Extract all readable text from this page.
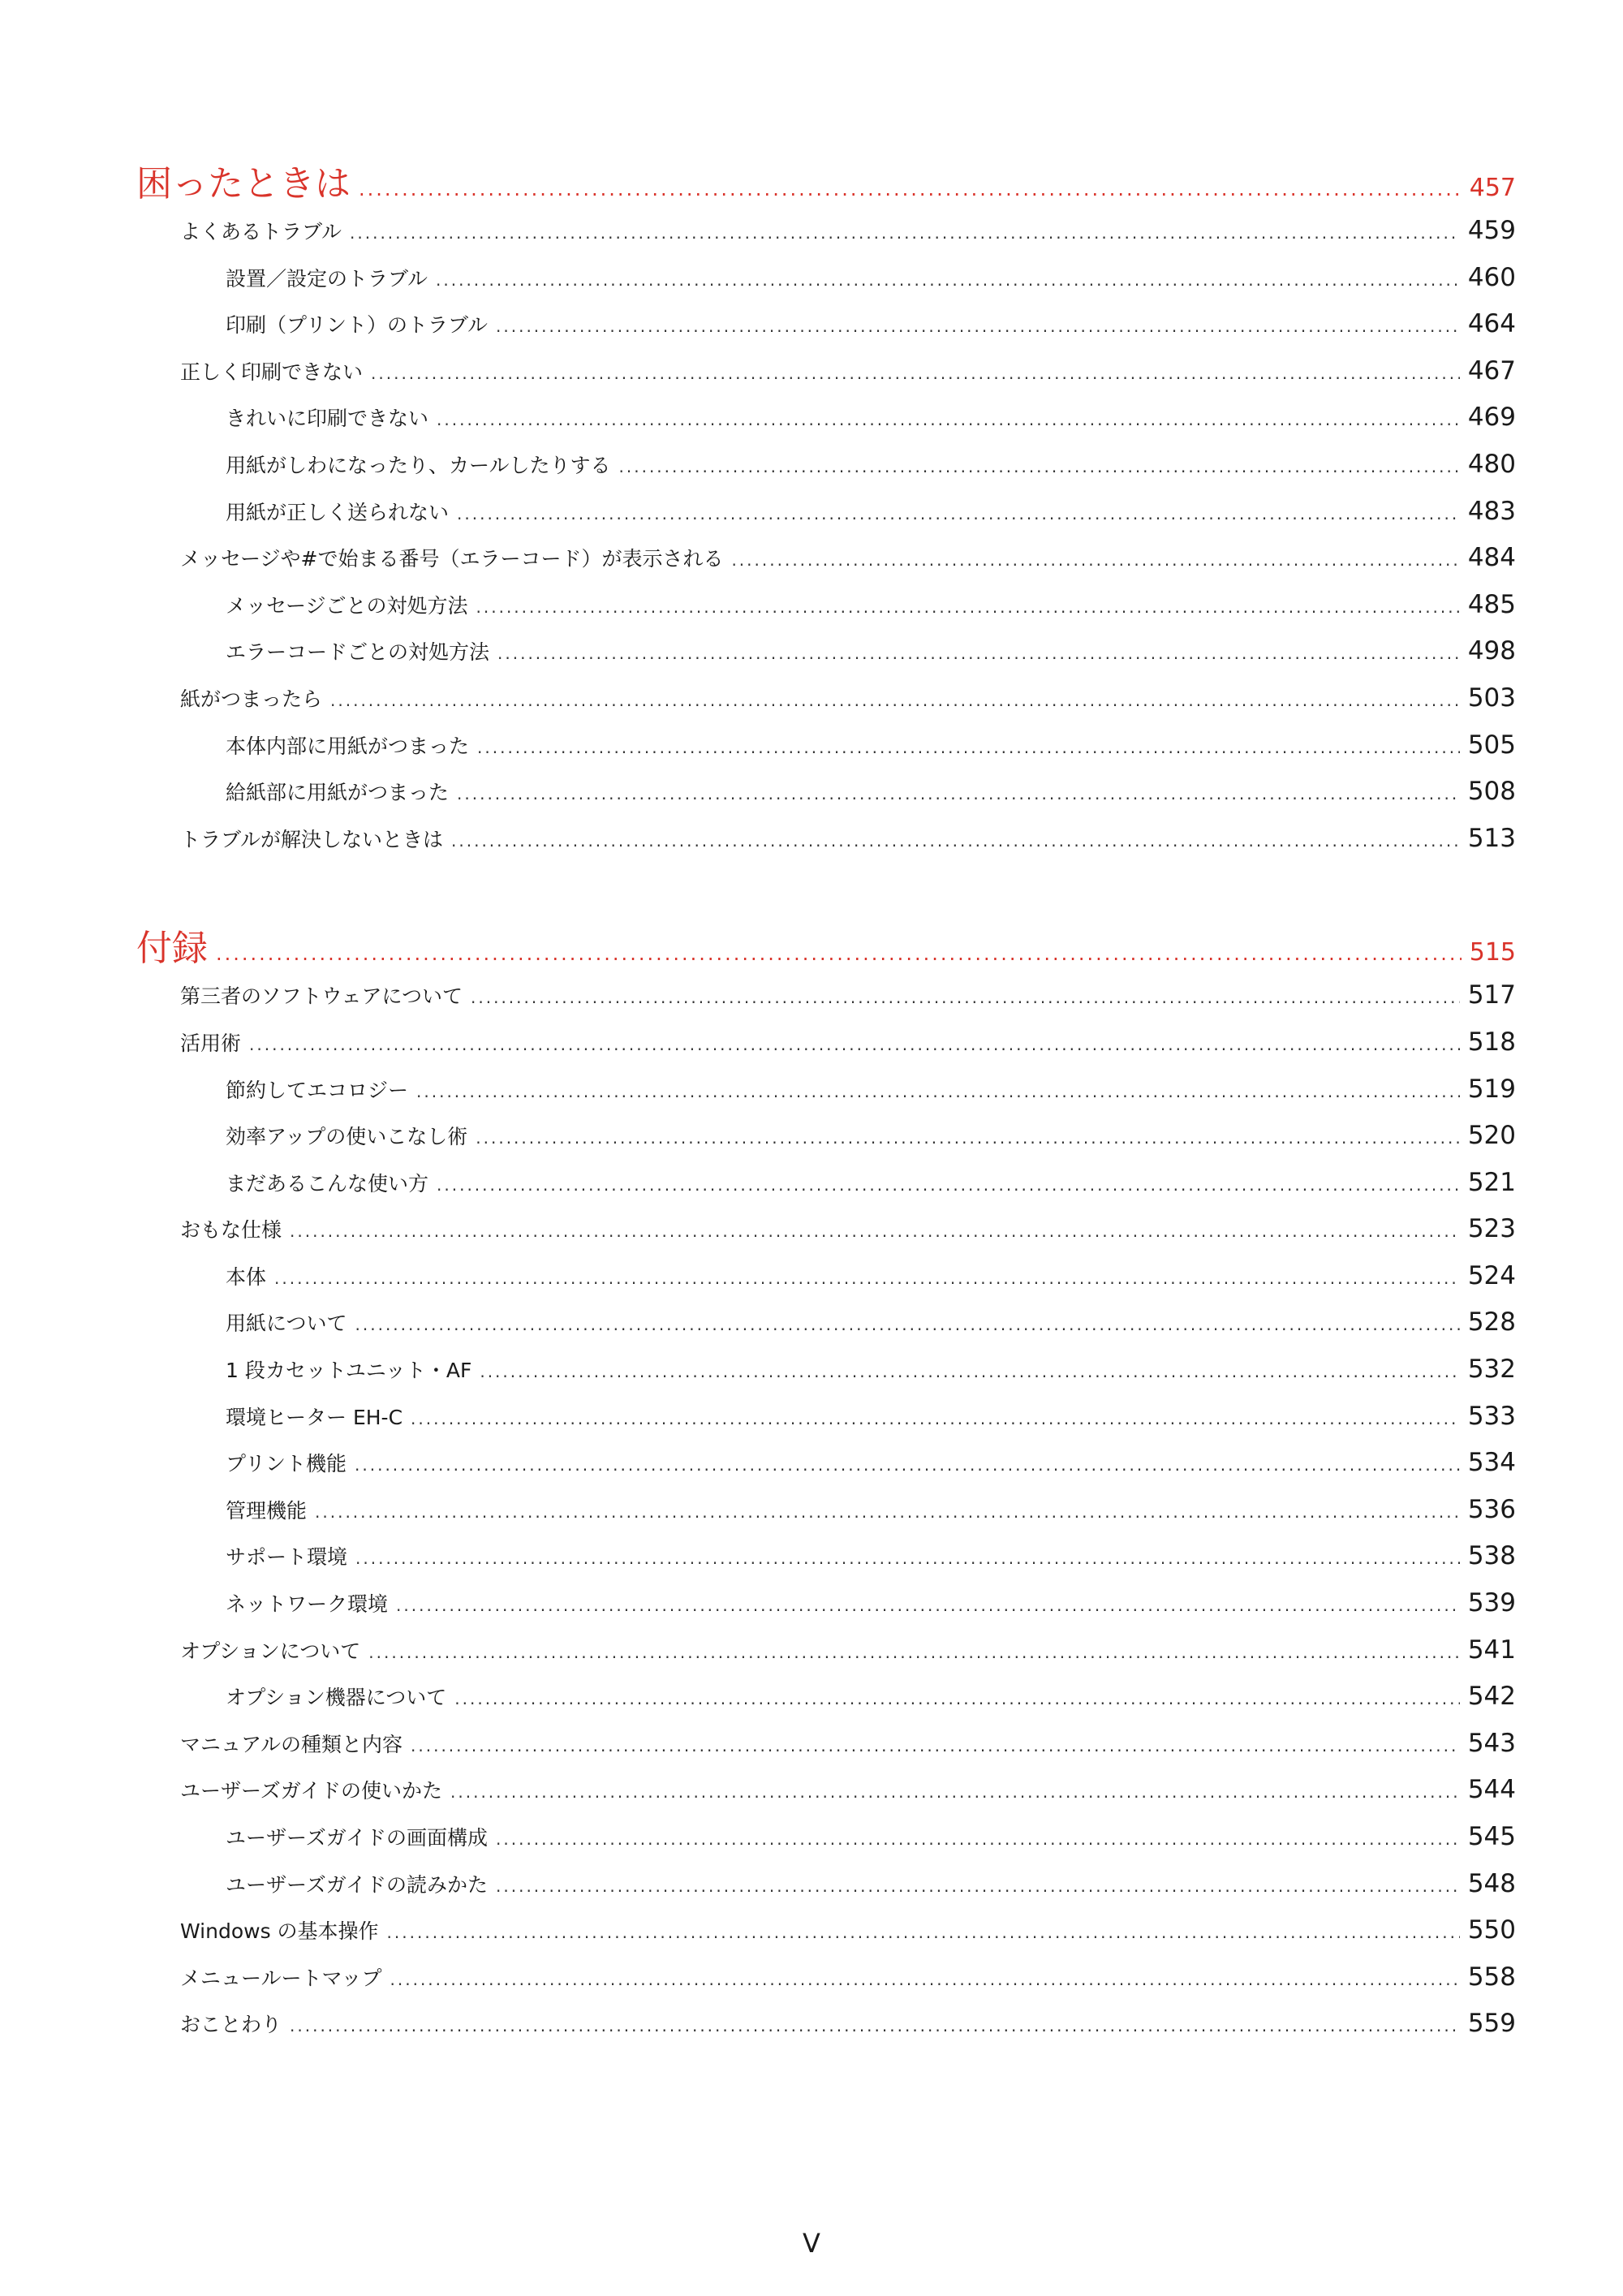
困ったときは .....	457
よくあるトラブル .....	459
設置／設定のトラブル .....	460
印刷（プリント）のトラブル .....	464
正しく印刷できない .....	467
きれいに印刷できない .....	469
用紙がしわになったり、カールしたりする .....	480
用紙が正しく送られない .....	483
メッセージや#で始まる番号（エラーコード）が表示される .....	484
メッセージごとの対処方法 .....	485
エラーコードごとの対処方法 .....	498
紙がつまったら .....	503
本体内部に用紙がつまった .....	505
給紙部に用紙がつまった .....	508
トラブルが解決しないときは .....	513
付録 .....	515
第三者のソフトウェアについて .....	517
活用術 .....	518
節約してエコロジー .....	519
効率アップの使いこなし術 .....	520
まだあるこんな使い方 .....	521
おもな仕様 .....	523
本体 .....	524
用紙について .....	528
1 段カセットユニット・AF .....	532
環境ヒーター EH-C .....	533
プリント機能 .....	534
管理機能 .....	536
サポート環境 .....	538
ネットワーク環境 .....	539
オプションについて .....	541
オプション機器について .....	542
マニュアルの種類と内容 .....	543
ユーザーズガイドの使いかた .....	544
ユーザーズガイドの画面構成 .....	545
ユーザーズガイドの読みかた .....	548
Windows の基本操作 .....	550
メニュールートマップ .....	558
おことわり .....	559
V
